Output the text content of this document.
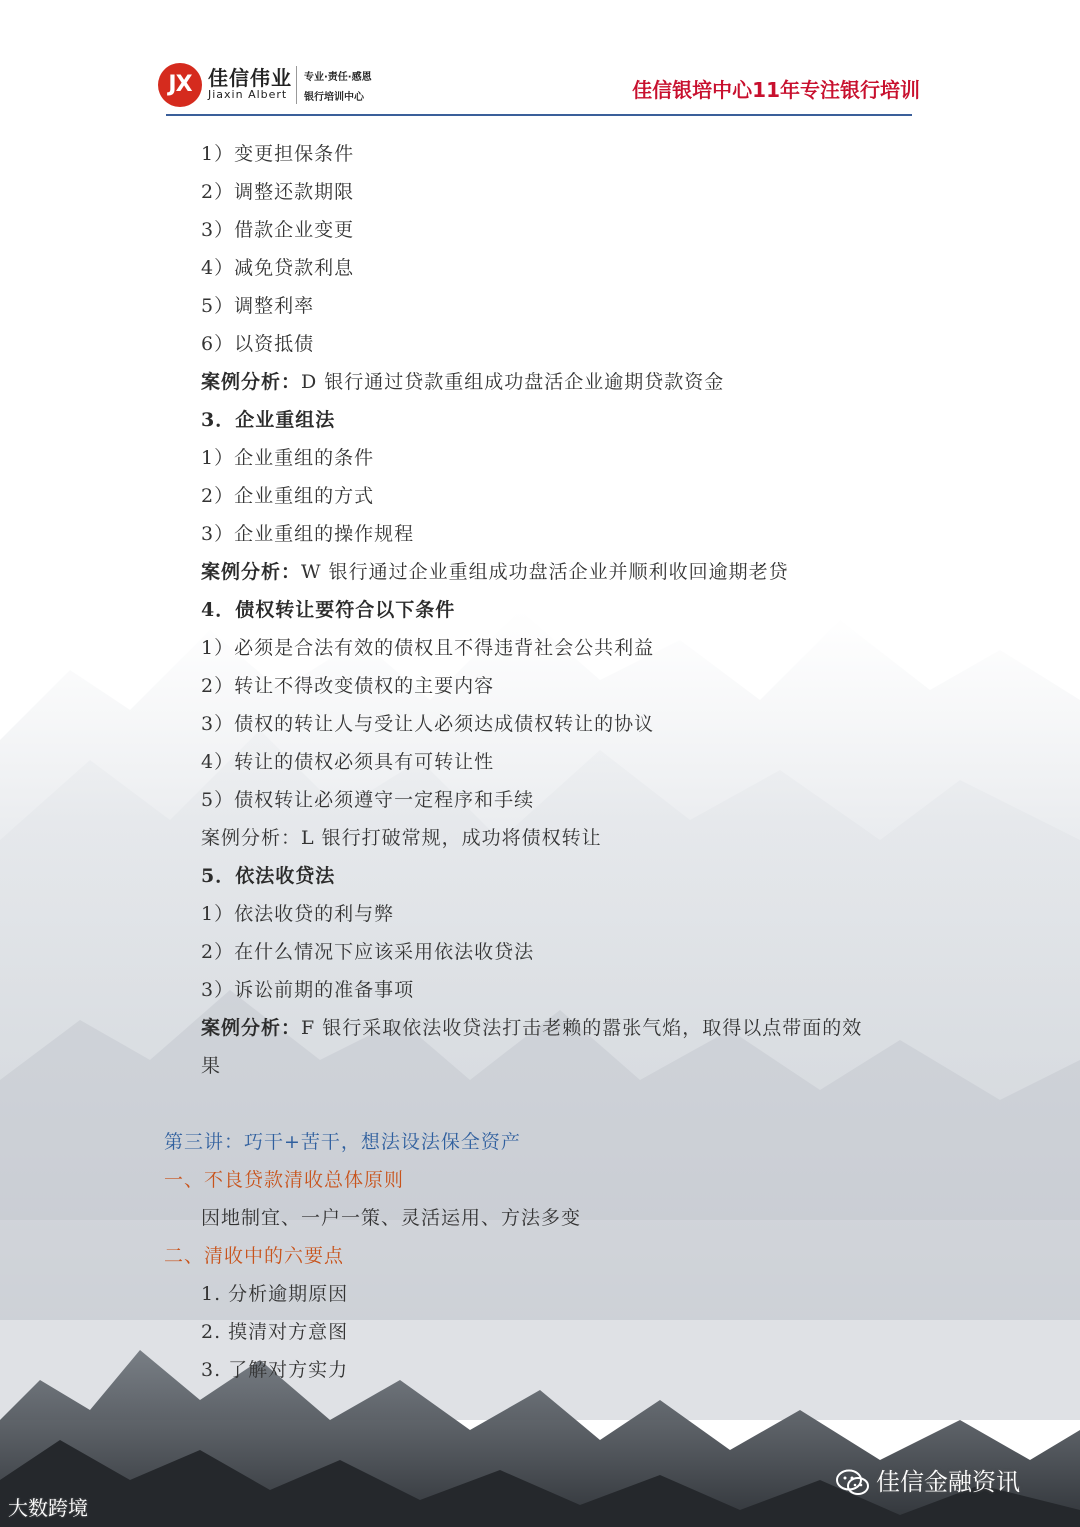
JX 佳信伟业
Jiaxin Albert
专业·责任·感恩
银行培训中心	佳信银培中心11年专注银行培训
1）变更担保条件
2）调整还款期限
3）借款企业变更
4）减免贷款利息
5）调整利率
6）以资抵债
案例分析：D 银行通过贷款重组成功盘活企业逾期贷款资金
3．企业重组法
1）企业重组的条件
2）企业重组的方式
3）企业重组的操作规程
案例分析：W 银行通过企业重组成功盘活企业并顺利收回逾期老贷
4．债权转让要符合以下条件
1）必须是合法有效的债权且不得违背社会公共利益
2）转让不得改变债权的主要内容
3）债权的转让人与受让人必须达成债权转让的协议
4）转让的债权必须具有可转让性
5）债权转让必须遵守一定程序和手续
案例分析：L 银行打破常规，成功将债权转让
5．依法收贷法
1）依法收贷的利与弊
2）在什么情况下应该采用依法收贷法
3）诉讼前期的准备事项
案例分析：F 银行采取依法收贷法打击老赖的嚣张气焰，取得以点带面的效
果
第三讲：巧干+苦干，想法设法保全资产
一、不良贷款清收总体原则
因地制宜、一户一策、灵活运用、方法多变
二、清收中的六要点
1. 分析逾期原因
2. 摸清对方意图
3. 了解对方实力
大数跨境
佳信金融资讯
